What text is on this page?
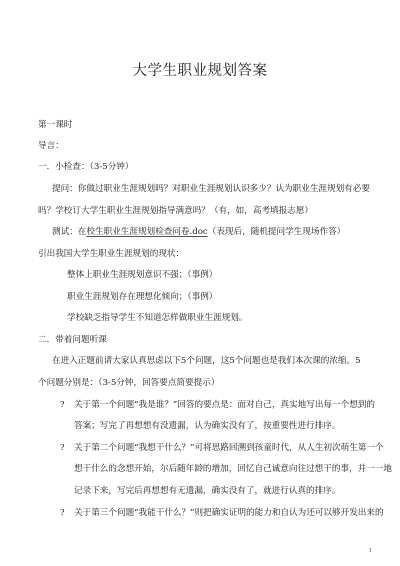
大学生职业规划答案
第一课时
导言：
一．小检查：（3-5分钟）
提问：你做过职业生涯规划吗？对职业生涯规划认识多少？认为职业生涯规划有必要
吗？学校订大学生职业生涯规划指导满意吗？（有，如，高考填报志愿）
测试：在校生职业生涯规划检查问卷.doc（表现后，随机提问学生现场作答）
引出我国大学生职业生涯规划的现状：
整体上职业生涯规划意识不强；（事例）
职业生涯规划存在理想化倾向；（事例）
学校缺乏指导学生不知道怎样做职业生涯规划。
二．带着问题听课
在进入正题前请大家认真思虑以下5个问题，这5个问题也是我们本次课的浓缩。5
个问题分别是：（3-5分钟，回答要点简要提示）
? 关于第一个问题“我是谁？”回答的要点是：面对自己，真实地写出每一个想到的
答案；写完了再想想有没遗漏，认为确实没有了，按重要性进行排序。
? 关于第二个问题“我想干什么？”可将思路回溯到孩童时代，从人生初次萌生第一个
想干什么的念想开始，尔后随年龄的增加，回忆自己诚意向往过想干的事，并一一地
记录下来，写完后再想想有无遗漏，确实没有了，就进行认真的排序。
? 关于第三个问题“我能干什么？”则把确实证明的能力和自认为还可以够开发出来的
1
